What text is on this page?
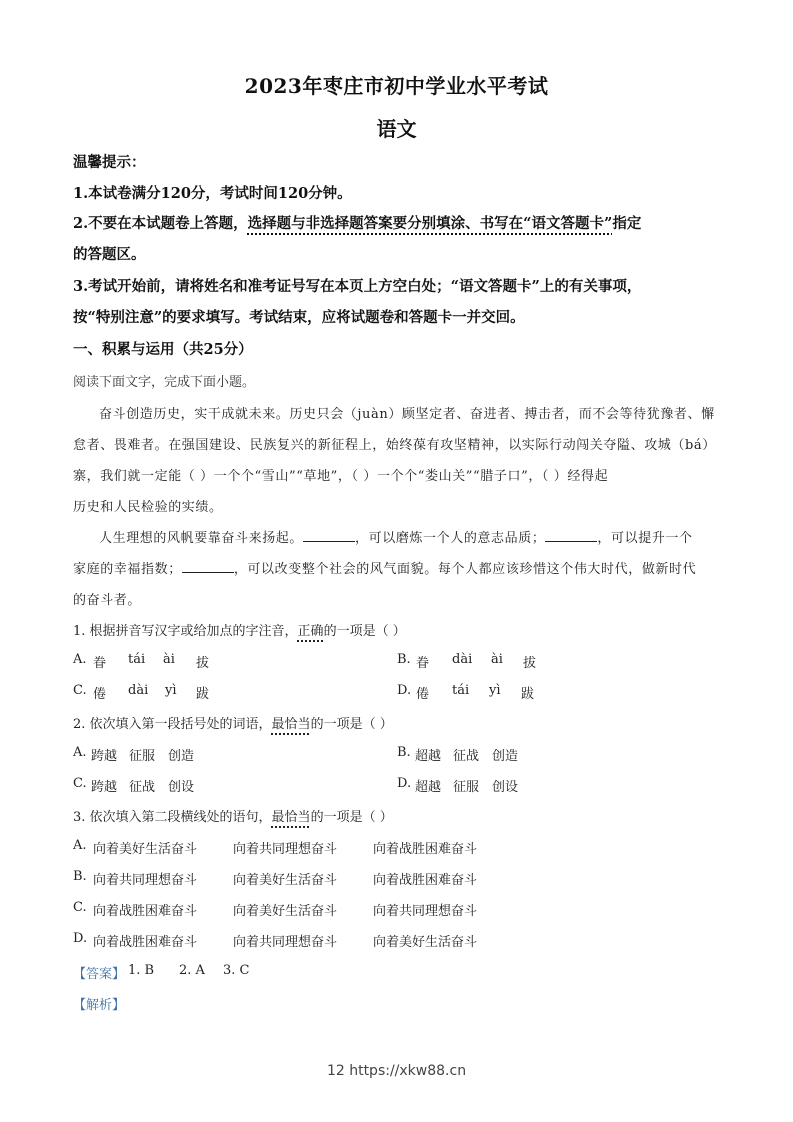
2023年枣庄市初中学业水平考试
语文
温馨提示：
1.本试卷满分120分，考试时间120分钟。
2.不要在本试题卷上答题，选择题与非选择题答案要分别填涂、书写在“语文答题卡”指定
的答题区。
3.考试开始前，请将姓名和准考证号写在本页上方空白处；“语文答题卡”上的有关事项，
按“特别注意”的要求填写。考试结束，应将试题卷和答题卡一并交回。
一、积累与运用（共25分）
阅读下面文字，完成下面小题。
奋斗创造历史，实干成就未来。历史只会（juàn）顾坚定者、奋进者、搏击者，而不会等待犹豫者、懈
怠者、畏难者。在强国建设、民族复兴的新征程上，始终葆有攻坚精神，以实际行动闯关夺隘、攻城（bá）
寨，我们就一定能（ ）一个个“雪山”“草地”，（ ）一个个“娄山关”“腊子口”，（ ）经得起
历史和人民检验的实绩。
人生理想的风帆要靠奋斗来扬起。	，可以磨炼一个人的意志品质；	，可以提升一个
家庭的幸福指数；	，可以改变整个社会的风气面貌。每个人都应该珍惜这个伟大时代，做新时代
的奋斗者。
1. 根据拼音写汉字或给加点的字注音，正确的一项是（ ）
A. 眷 tái ài 拔	B. 眷 dài ài 拔
C. 倦 dài yì 跋	D. 倦 tái yì 跋
2. 依次填入第一段括号处的词语，最恰当的一项是（ ）
A. 跨越 征服 创造	B. 超越 征战 创造
C. 跨越 征战 创设	D. 超越 征服 创设
3. 依次填入第二段横线处的语句，最恰当的一项是（ ）
A. 向着美好生活奋斗	向着共同理想奋斗	向着战胜困难奋斗
B. 向着共同理想奋斗	向着美好生活奋斗	向着战胜困难奋斗
C. 向着战胜困难奋斗	向着美好生活奋斗	向着共同理想奋斗
D. 向着战胜困难奋斗	向着共同理想奋斗	向着美好生活奋斗
【答案】 1. B 2. A 3. C
【解析】
12 https://xkw88.cn
